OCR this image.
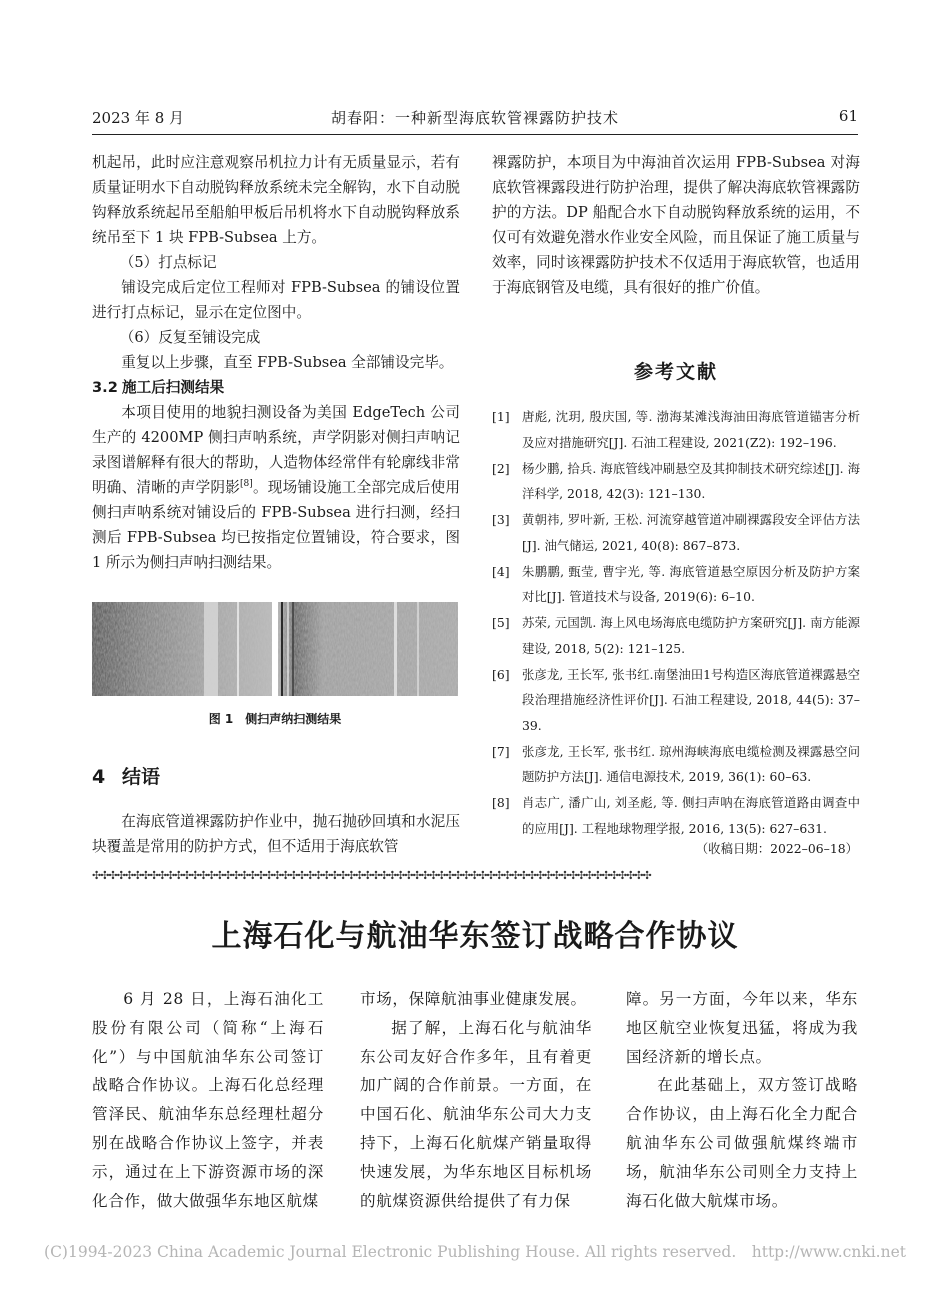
2023 年 8 月	胡春阳：一种新型海底软管裸露防护技术	61

机起吊，此时应注意观察吊机拉力计有无质量显示，若有质量证明水下自动脱钩释放系统未完全解钩，水下自动脱钩释放系统起吊至船舶甲板后吊机将水下自动脱钩释放系统吊至下 1 块 FPB-Subsea 上方。

（5）打点标记

铺设完成后定位工程师对 FPB-Subsea 的铺设位置进行打点标记，显示在定位图中。

（6）反复至铺设完成

重复以上步骤，直至 FPB-Subsea 全部铺设完毕。

3.2 施工后扫测结果

本项目使用的地貌扫测设备为美国 EdgeTech 公司生产的 4200MP 侧扫声呐系统，声学阴影对侧扫声呐记录图谱解释有很大的帮助，人造物体经常伴有轮廓线非常明确、清晰的声学阴影[8]。现场铺设施工全部完成后使用侧扫声呐系统对铺设后的 FPB-Subsea 进行扫测，经扫测后 FPB-Subsea 均已按指定位置铺设，符合要求，图 1 所示为侧扫声呐扫测结果。

图 1　侧扫声纳扫测结果
4 结语

在海底管道裸露防护作业中，抛石抛砂回填和水泥压块覆盖是常用的防护方式，但不适用于海底软管

裸露防护，本项目为中海油首次运用 FPB-Subsea 对海底软管裸露段进行防护治理，提供了解决海底软管裸露防护的方法。DP 船配合水下自动脱钩释放系统的运用，不仅可有效避免潜水作业安全风险，而且保证了施工质量与效率，同时该裸露防护技术不仅适用于海底软管，也适用于海底钢管及电缆，具有很好的推广价值。

参考文献
[1]	唐彪, 沈玥, 殷庆国, 等. 渤海某滩浅海油田海底管道锚害分析及应对措施研究[J]. 石油工程建设, 2021(Z2): 192–196.
[2]	杨少鹏, 拾兵. 海底管线冲刷悬空及其抑制技术研究综述[J]. 海洋科学, 2018, 42(3): 121–130.
[3]	黄朝祎, 罗叶新, 王松. 河流穿越管道冲刷裸露段安全评估方法[J]. 油气储运, 2021, 40(8): 867–873.
[4]	朱鹏鹏, 甄莹, 曹宇光, 等. 海底管道悬空原因分析及防护方案对比[J]. 管道技术与设备, 2019(6): 6–10.
[5]	苏荣, 元国凯. 海上风电场海底电缆防护方案研究[J]. 南方能源建设, 2018, 5(2): 121–125.
[6]	张彦龙, 王长军, 张书红.南堡油田1号构造区海底管道裸露悬空段治理措施经济性评价[J]. 石油工程建设, 2018, 44(5): 37–39.
[7]	张彦龙, 王长军, 张书红. 琼州海峡海底电缆检测及裸露悬空问题防护方法[J]. 通信电源技术, 2019, 36(1): 60–63.
[8]	肖志广, 潘广山, 刘圣彪, 等. 侧扫声呐在海底管道路由调查中的应用[J]. 工程地球物理学报, 2016, 13(5): 627–631.
（收稿日期：2022–06–18）
✣✣✣✣✣✣✣✣✣✣✣✣✣✣✣✣✣✣✣✣✣✣✣✣✣✣✣✣✣✣✣✣✣✣✣✣✣✣✣✣✣✣✣✣✣✣✣✣✣✣✣✣✣✣✣✣✣✣✣✣✣✣✣✣✣✣✣✣
上海石化与航油华东签订战略合作协议

6 月 28 日，上海石油化工股份有限公司（简称“上海石化”）与中国航油华东公司签订战略合作协议。上海石化总经理管泽民、航油华东总经理杜超分别在战略合作协议上签字，并表示，通过在上下游资源市场的深化合作，做大做强华东地区航煤

市场，保障航油事业健康发展。

据了解，上海石化与航油华东公司友好合作多年，且有着更加广阔的合作前景。一方面，在中国石化、航油华东公司大力支持下，上海石化航煤产销量取得快速发展，为华东地区目标机场的航煤资源供给提供了有力保

障。另一方面，今年以来，华东地区航空业恢复迅猛，将成为我国经济新的增长点。

在此基础上，双方签订战略合作协议，由上海石化全力配合航油华东公司做强航煤终端市场，航油华东公司则全力支持上海石化做大航煤市场。

(C)1994-2023 China Academic Journal Electronic Publishing House. All rights reserved.　http://www.cnki.net
